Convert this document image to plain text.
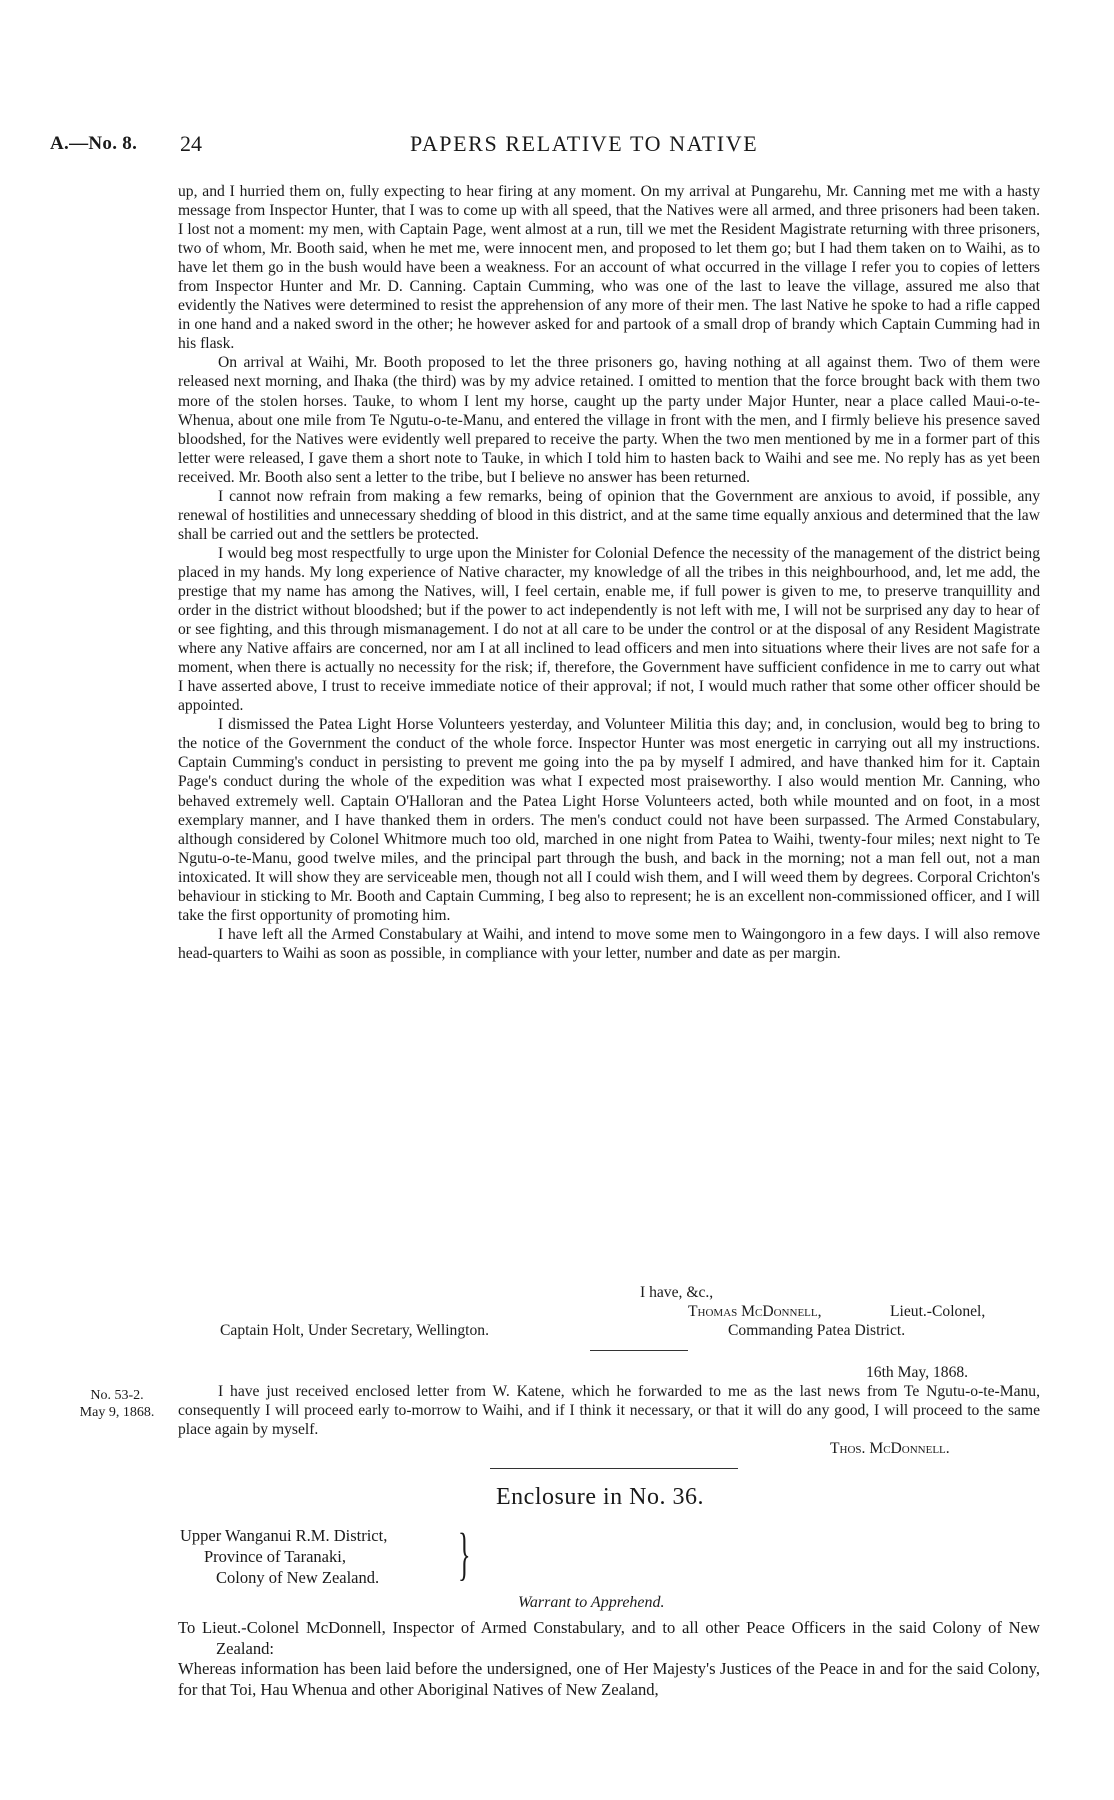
A.—No. 8. 24	PAPERS RELATIVE TO NATIVE

up, and I hurried them on, fully expecting to hear firing at any moment. On my arrival at Pungarehu, Mr. Canning met me with a hasty message from Inspector Hunter, that I was to come up with all speed, that the Natives were all armed, and three prisoners had been taken. I lost not a moment: my men, with Captain Page, went almost at a run, till we met the Resident Magistrate returning with three prisoners, two of whom, Mr. Booth said, when he met me, were innocent men, and proposed to let them go; but I had them taken on to Waihi, as to have let them go in the bush would have been a weakness. For an account of what occurred in the village I refer you to copies of letters from Inspector Hunter and Mr. D. Canning. Captain Cumming, who was one of the last to leave the village, assured me also that evidently the Natives were determined to resist the apprehension of any more of their men. The last Native he spoke to had a rifle capped in one hand and a naked sword in the other; he however asked for and partook of a small drop of brandy which Captain Cumming had in his flask.

On arrival at Waihi, Mr. Booth proposed to let the three prisoners go, having nothing at all against them. Two of them were released next morning, and Ihaka (the third) was by my advice retained. I omitted to mention that the force brought back with them two more of the stolen horses. Tauke, to whom I lent my horse, caught up the party under Major Hunter, near a place called Maui-o-te-Whenua, about one mile from Te Ngutu-o-te-Manu, and entered the village in front with the men, and I firmly believe his presence saved bloodshed, for the Natives were evidently well prepared to receive the party. When the two men mentioned by me in a former part of this letter were released, I gave them a short note to Tauke, in which I told him to hasten back to Waihi and see me. No reply has as yet been received. Mr. Booth also sent a letter to the tribe, but I believe no answer has been returned.

I cannot now refrain from making a few remarks, being of opinion that the Government are anxious to avoid, if possible, any renewal of hostilities and unnecessary shedding of blood in this district, and at the same time equally anxious and determined that the law shall be carried out and the settlers be protected.

I would beg most respectfully to urge upon the Minister for Colonial Defence the necessity of the management of the district being placed in my hands. My long experience of Native character, my knowledge of all the tribes in this neighbourhood, and, let me add, the prestige that my name has among the Natives, will, I feel certain, enable me, if full power is given to me, to preserve tranquillity and order in the district without bloodshed; but if the power to act independently is not left with me, I will not be surprised any day to hear of or see fighting, and this through mismanagement. I do not at all care to be under the control or at the disposal of any Resident Magistrate where any Native affairs are concerned, nor am I at all inclined to lead officers and men into situations where their lives are not safe for a moment, when there is actually no necessity for the risk; if, therefore, the Government have sufficient confidence in me to carry out what I have asserted above, I trust to receive immediate notice of their approval; if not, I would much rather that some other officer should be appointed.

I dismissed the Patea Light Horse Volunteers yesterday, and Volunteer Militia this day; and, in conclusion, would beg to bring to the notice of the Government the conduct of the whole force. Inspector Hunter was most energetic in carrying out all my instructions. Captain Cumming's conduct in persisting to prevent me going into the pa by myself I admired, and have thanked him for it. Captain Page's conduct during the whole of the expedition was what I expected most praiseworthy. I also would mention Mr. Canning, who behaved extremely well. Captain O'Halloran and the Patea Light Horse Volunteers acted, both while mounted and on foot, in a most exemplary manner, and I have thanked them in orders. The men's conduct could not have been surpassed. The Armed Constabulary, although considered by Colonel Whitmore much too old, marched in one night from Patea to Waihi, twenty-four miles; next night to Te Ngutu-o-te-Manu, good twelve miles, and the principal part through the bush, and back in the morning; not a man fell out, not a man intoxicated. It will show they are serviceable men, though not all I could wish them, and I will weed them by degrees. Corporal Crichton's behaviour in sticking to Mr. Booth and Captain Cumming, I beg also to represent; he is an excellent non-commissioned officer, and I will take the first opportunity of promoting him.

I have left all the Armed Constabulary at Waihi, and intend to move some men to Waingongoro in a few days. I will also remove head-quarters to Waihi as soon as possible, in compliance with your letter, number and date as per margin.

I have, &c.,
Thomas McDonnell,	Lieut.-Colonel,
Captain Holt, Under Secretary, Wellington.	Commanding Patea District.
16th May, 1868.
I have just received enclosed letter from W. Katene, which he forwarded to me as the last news from Te Ngutu-o-te-Manu, consequently I will proceed early to-morrow to Waihi, and if I think it necessary, or that it will do any good, I will proceed to the same place again by myself.
Thos. McDonnell.
No. 53-2.
May 9, 1868.
Enclosure in No. 36.
Upper Wanganui R.M. District,
Province of Taranaki,
Colony of New Zealand. }
Warrant to Apprehend.

To Lieut.-Colonel McDonnell, Inspector of Armed Constabulary, and to all other Peace Officers in the said Colony of New Zealand:

Whereas information has been laid before the undersigned, one of Her Majesty's Justices of the Peace in and for the said Colony, for that Toi, Hau Whenua and other Aboriginal Natives of New Zealand,
